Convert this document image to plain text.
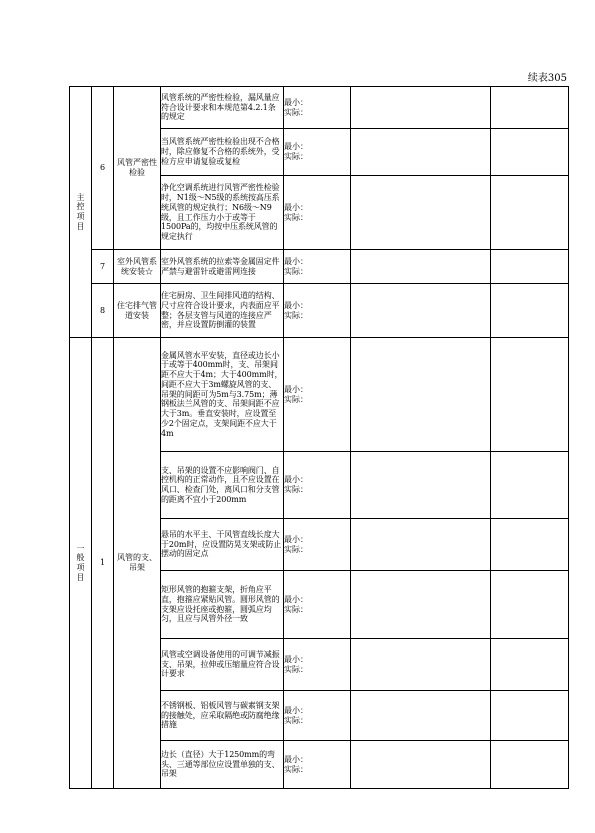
续表305
主控项目	6	风管严密性检验	风管系统的严密性检验，漏风量应符合设计要求和本规范第4.2.1条的规定	最小：
实际：		

			当风管系统严密性检验出现不合格时，除应修复不合格的系统外，受检方应申请复验或复检	最小：
实际：		

			净化空调系统进行风管严密性检验时，N1级～N5级的系统按高压系统风管的规定执行；N6级～N9级，且工作压力小于或等于1500Pa的，均按中压系统风管的规定执行	最小：
实际：		

	7	室外风管系统安装☆	室外风管系统的拉索等金属固定件严禁与避雷针或避雷网连接	最小：
实际：		

	8	住宅排气管道安装	住宅厨房、卫生间排风道的结构、尺寸应符合设计要求，内表面应平整；各层支管与风道的连接应严密，并应设置防倒灌的装置	最小：
实际：		

一般项目	1	风管的支、吊架	金属风管水平安装，直径或边长小于或等于400mm时，支、吊架间距不应大于4m；大于400mm时，间距不应大于3m螺旋风管的支、吊架的间距可为5m与3.75m；薄钢板法兰风管的支、吊架间距不应大于3m。垂直安装时，应设置至少2个固定点，支架间距不应大于4m	最小：
实际：		

			支、吊架的设置不应影响阀门、自控机构的正常动作，且不应设置在风口、检查门处，离风口和分支管的距离不宜小于200mm	最小：
实际：		

			悬吊的水平主、干风管直线长度大于20m时，应设置防晃支架或防止摆动的固定点	最小：
实际：		

			矩形风管的抱箍支架，折角应平直，抱箍应紧贴风管。圆形风管的支架应设托座或抱箍，圆弧应均匀，且应与风管外径一致	最小：
实际：		

			风管或空调设备使用的可调节减振支、吊架，拉伸或压缩量应符合设计要求	最小：
实际：		

			不锈钢板、铝板风管与碳素钢支架的接触处，应采取隔绝或防腐绝缘措施	最小：
实际：		

			边长（直径）大于1250mm的弯头、三通等部位应设置单独的支、吊架	最小：
实际：		
